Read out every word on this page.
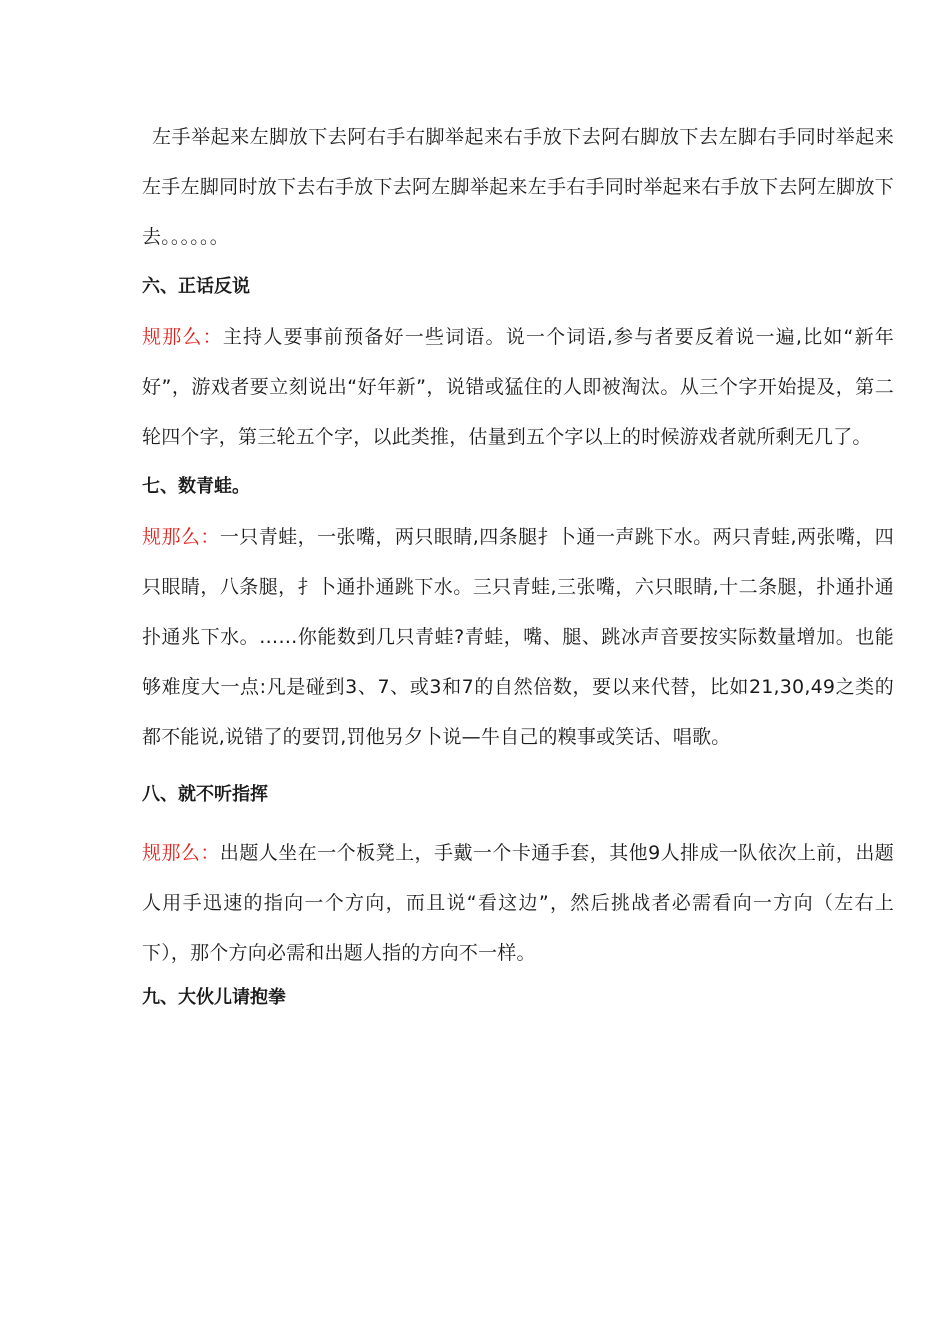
左手举起来左脚放下去阿右手右脚举起来右手放下去阿右脚放下去左脚右手同时举起来左手左脚同时放下去右手放下去阿左脚举起来左手右手同时举起来右手放下去阿左脚放下去。。。。。。

六、正话反说

规那么：主持人要事前预备好一些词语。说一个词语,参与者要反着说一遍,比如“新年好”，游戏者要立刻说出“好年新”，说错或猛住的人即被淘汰。从三个字开始提及，第二轮四个字，第三轮五个字，以此类推，估量到五个字以上的时候游戏者就所剩无几了。

七、数青蛙。

规那么：一只青蛙，一张嘴，两只眼睛,四条腿扌卜通一声跳下水。两只青蛙,两张嘴，四只眼睛，八条腿，扌卜通扑通跳下水。三只青蛙,三张嘴，六只眼睛,十二条腿，扑通扑通扑通兆下水。……你能数到几只青蛙?青蛙，嘴、腿、跳冰声音要按实际数量增加。也能够难度大一点:凡是碰到3、7、或3和7的自然倍数，要以来代替，比如21,30,49之类的都不能说,说错了的要罚,罚他另夕卜说—牛自己的糗事或笑话、唱歌。

八、就不听指挥

规那么：出题人坐在一个板凳上，手戴一个卡通手套，其他9人排成一队依次上前，出题人用手迅速的指向一个方向，而且说“看这边”，然后挑战者必需看向一方向（左右上下），那个方向必需和出题人指的方向不一样。

九、大伙儿请抱拳
